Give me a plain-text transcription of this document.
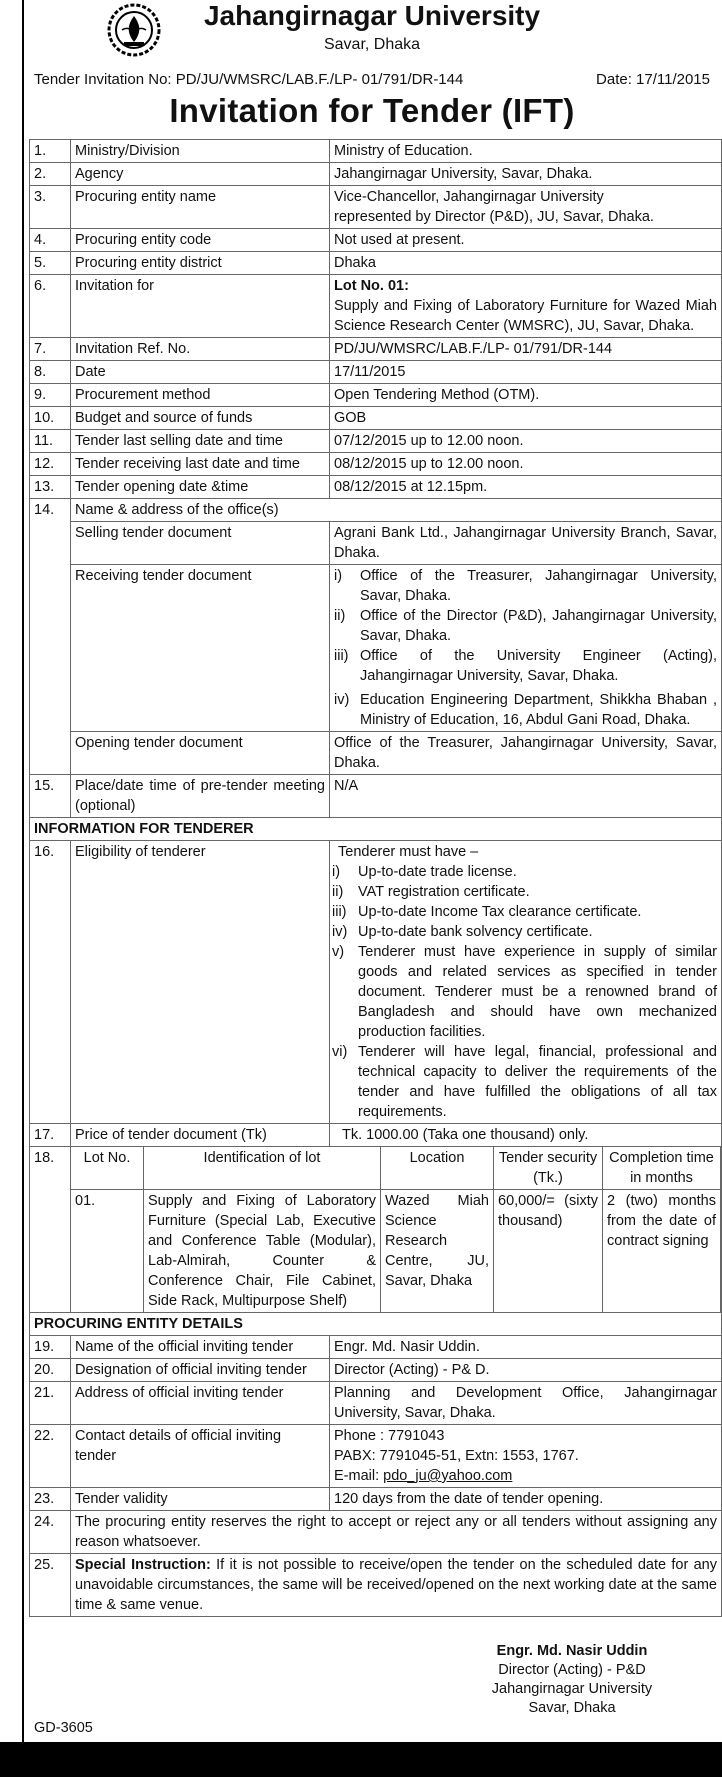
Jahangirnagar University
Savar, Dhaka
Tender Invitation No: PD/JU/WMSRC/LAB.F./LP- 01/791/DR-144	Date: 17/11/2015
Invitation for Tender (IFT)
1.	Ministry/Division	Ministry of Education.

2.	Agency	Jahangirnagar University, Savar, Dhaka.

3.	Procuring entity name	Vice-Chancellor, Jahangirnagar University
represented by Director (P&D), JU, Savar, Dhaka.

4.	Procuring entity code	Not used at present.

5.	Procuring entity district	Dhaka

6.	Invitation for	Lot No. 01:
Supply and Fixing of Laboratory Furniture for Wazed Miah Science Research Center (WMSRC), JU, Savar, Dhaka.

7.	Invitation Ref. No.	PD/JU/WMSRC/LAB.F./LP- 01/791/DR-144

8.	Date	17/11/2015

9.	Procurement method	Open Tendering Method (OTM).

10.	Budget and source of funds	GOB

11.	Tender last selling date and time	07/12/2015 up to 12.00 noon.

12.	Tender receiving last date and time	08/12/2015 up to 12.00 noon.

13.	Tender opening date &time	08/12/2015 at 12.15pm.

14.	Name & address of the office(s)
Selling tender document	Agrani Bank Ltd., Jahangirnagar University Branch, Savar, Dhaka.
Receiving tender document	i)	Office of the Treasurer, Jahangirnagar University, Savar, Dhaka.
ii)	Office of the Director (P&D), Jahangirnagar University, Savar, Dhaka.
iii) Office of the University Engineer (Acting), Jahangirnagar University, Savar, Dhaka.
iv) Education Engineering Department, Shikkha Bhaban , Ministry of Education, 16, Abdul Gani Road, Dhaka.

Opening tender document	Office of the Treasurer, Jahangirnagar University, Savar, Dhaka.
15.	Place/date time of pre-tender meeting (optional)	
N/A

INFORMATION FOR TENDERER
16.	Eligibility of tenderer	Tenderer must have –
i)	Up-to-date trade license.
ii)	VAT registration certificate.
iii) Up-to-date Income Tax clearance certificate.
iv) Up-to-date bank solvency certificate.
v) Tenderer must have experience in supply of similar goods and related services as specified in tender document. Tenderer must be a renowned brand of Bangladesh and should have own mechanized production facilities.
vi) Tenderer will have legal, financial, professional and technical capacity to deliver the requirements of the tender and have fulfilled the obligations of all tax requirements.

17.	Price of tender document (Tk)	Tk. 1000.00 (Taka one thousand) only.

18.	Lot No.	Identification of lot	Location	Tender security (Tk.)	Completion time in months
01.	Supply and Fixing of Laboratory Furniture (Special Lab, Executive and Conference Table (Modular), Lab-Almirah, Counter & Conference Chair, File Cabinet, Side Rack, Multipurpose Shelf)	Wazed Miah Science Research Centre, JU, Savar, Dhaka	60,000/= (sixty thousand)	2 (two) months from the date of contract signing

PROCURING ENTITY DETAILS
19.	Name of the official inviting tender	Engr. Md. Nasir Uddin.

20.	Designation of official inviting tender	Director (Acting) - P& D.

21.	Address of official inviting tender	Planning and Development Office, Jahangirnagar University, Savar, Dhaka.

22.	Contact details of official inviting tender	
Phone : 7791043
PABX: 7791045-51, Extn: 1553, 1767.
E-mail: pdo_ju@yahoo.com

23.	Tender validity	120 days from the date of tender opening.

24.	The procuring entity reserves the right to accept or reject any or all tenders without assigning any reason whatsoever.
25.	Special Instruction: If it is not possible to receive/open the tender on the scheduled date for any unavoidable circumstances, the same will be received/opened on the next working date at the same time & same venue.
Engr. Md. Nasir Uddin
Director (Acting) - P&D
Jahangirnagar University
Savar, Dhaka
GD-3605
